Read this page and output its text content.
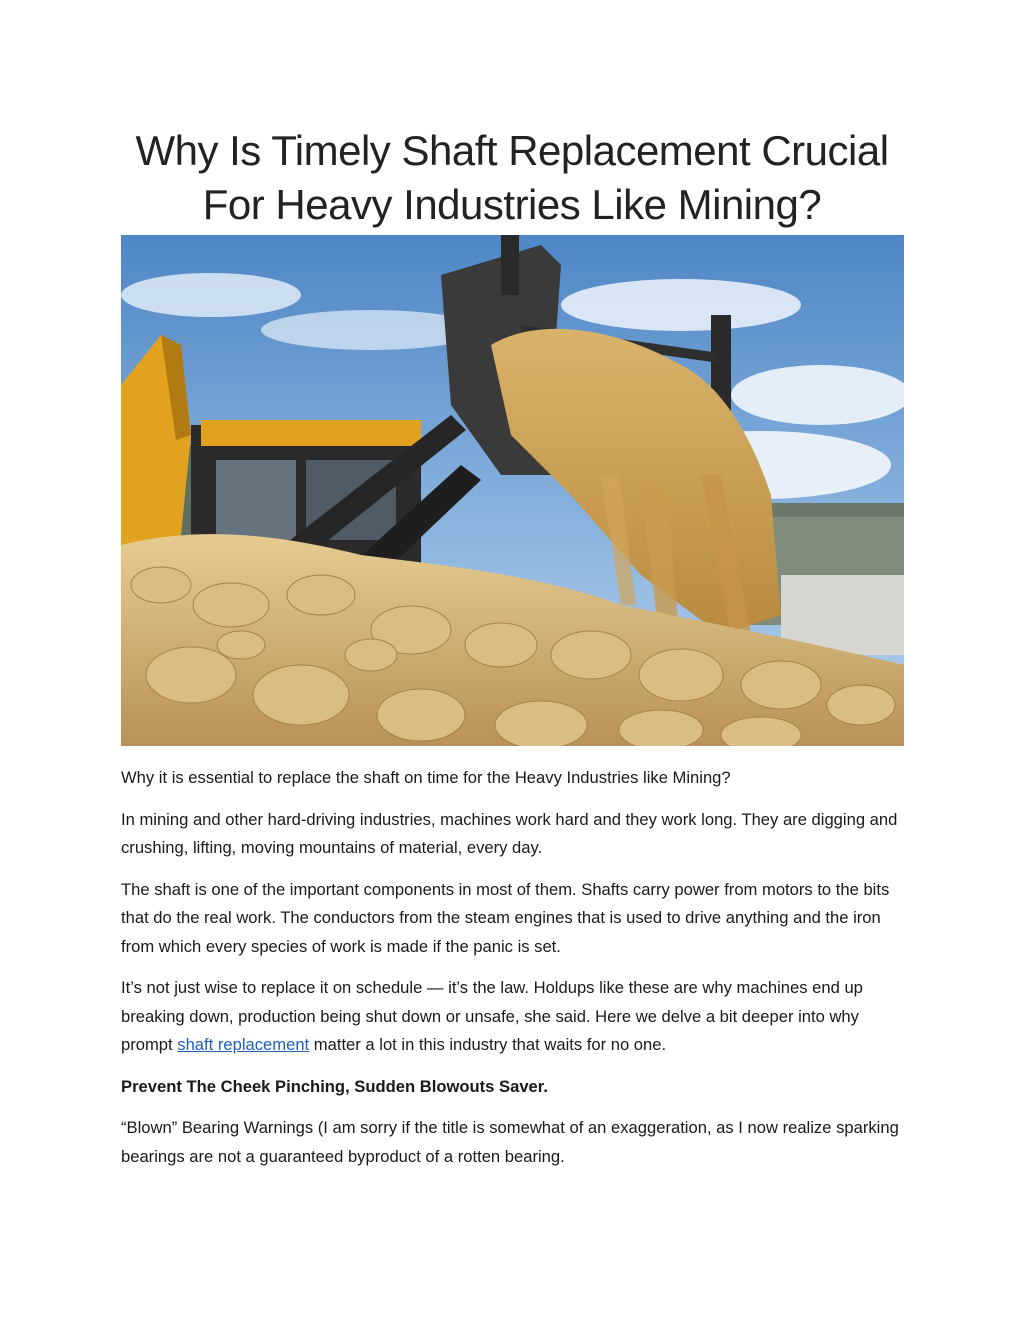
Why Is Timely Shaft Replacement Crucial
For Heavy Industries Like Mining?

Why it is essential to replace the shaft on time for the Heavy Industries like Mining?

In mining and other hard-driving industries, machines work hard and they work long. They are digging and crushing, lifting, moving mountains of material, every day.

The shaft is one of the important components in most of them. Shafts carry power from motors to the bits that do the real work. The conductors from the steam engines that is used to drive anything and the iron from which every species of work is made if the panic is set.

It’s not just wise to replace it on schedule — it’s the law. Holdups like these are why machines end up breaking down, production being shut down or unsafe, she said. Here we delve a bit deeper into why prompt shaft replacement matter a lot in this industry that waits for no one.

Prevent The Cheek Pinching, Sudden Blowouts Saver.

“Blown” Bearing Warnings (I am sorry if the title is somewhat of an exaggeration, as I now realize sparking bearings are not a guaranteed byproduct of a rotten bearing.
